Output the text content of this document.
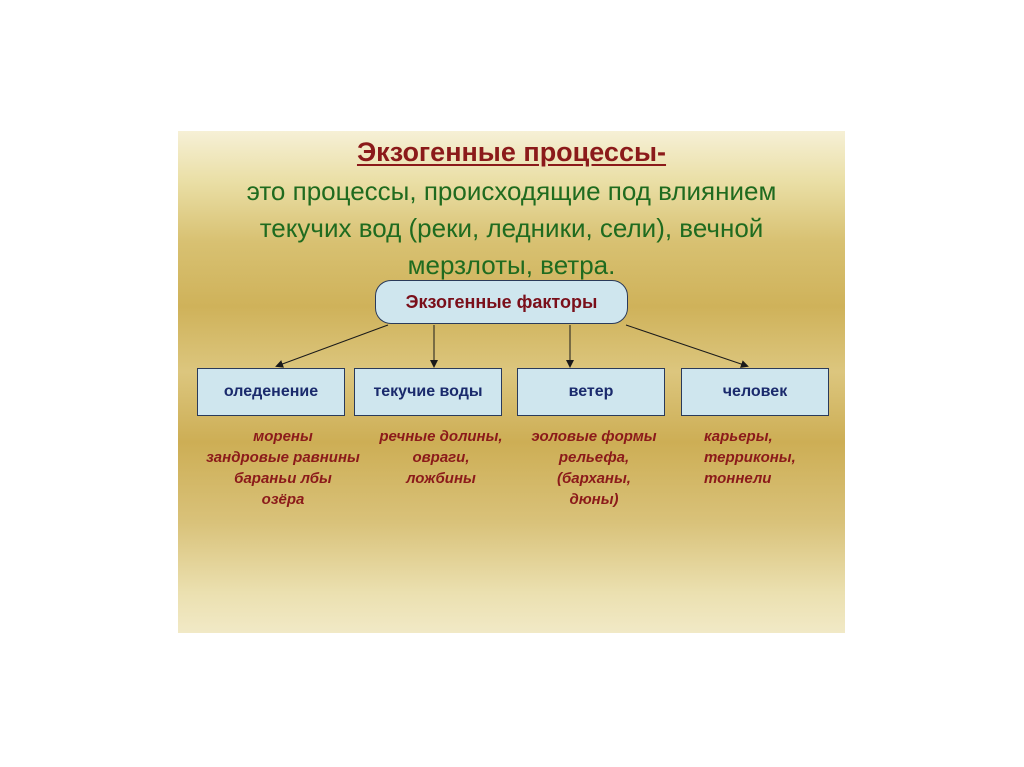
Экзогенные процессы-

это процессы, происходящие под влиянием текучих вод (реки, ледники, сели), вечной мерзлоты, ветра.

Экзогенные факторы
оледенение	текучие воды	ветер	человек

морены
зандровые равнины
бараньи лбы
озёра

речные долины,
овраги,
ложбины

эоловые формы
рельефа,
(барханы,
дюны)

карьеры,
терриконы,
тоннели
